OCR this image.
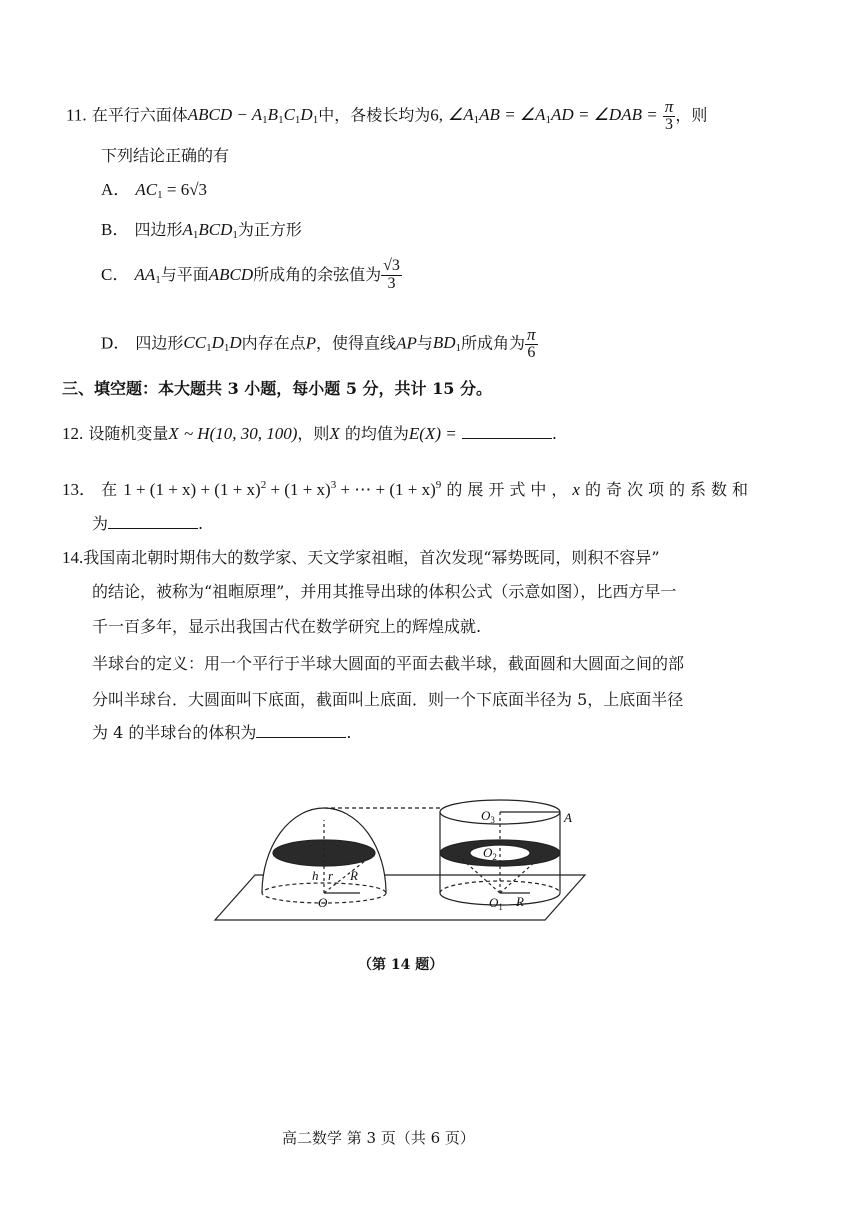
11. 在平行六面体ABCD − $A_1B_1C_1D_1$中，各棱长均为6, $\angle A_1AB$ = $\angle A_1AD$ = ∠DAB = $\frac{\pi}{3}$ ，则
下列结论正确的有
A． $AC_1 = 6√3$
B． 四边形$A_1BCD_1$为正方形
C． $AA_1$与平面ABCD所成角的余弦值为 $\frac{√3}{3}$
D． 四边形$CC_1D_1D$内存在点P，使得直线AP与$BD_1$所成角为 $\frac{\pi}{6}$
三、填空题：本大题共 3 小题，每小题 5 分，共计 15 分。
12. 设随机变量X ~ H(10, 30, 100)，则X 的均值为E(X) =	.
13． 在 $1 + (1 + x) + (1 + x)^2 + (1 + x)^3$ + ⋯ + $(1 + x)^9$ 的展开式中，x 的奇次项的系数和
为	.
14.我国南北朝时期伟大的数学家、天文学家祖暅，首次发现“幂势既同，则积不容异”
的结论，被称为“祖暅原理”，并用其推导出球的体积公式（示意如图），比西方早一
千一百多年，显示出我国古代在数学研究上的辉煌成就.
半球台的定义：用一个平行于半球大圆面的平面去截半球，截面圆和大圆面之间的部
分叫半球台．大圆面叫下底面，截面叫上底面．则一个下底面半径为 5，上底面半径
为 4 的半球台的体积为	.
h r R
O
$O_3$	A
$O_2$
$O_1$ R
（第 14 题）
高二数学 第 3 页（共 6 页）
